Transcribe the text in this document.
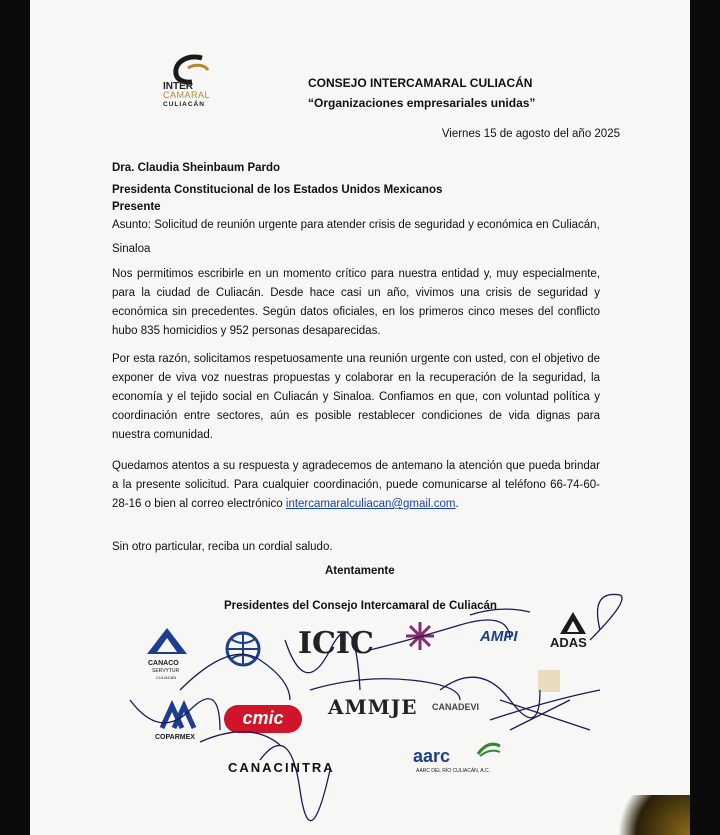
INTER
CAMARAL
CULIACÁN
CONSEJO INTERCAMARAL CULIACÁN
“Organizaciones empresariales unidas”
Viernes 15 de agosto del año 2025
Dra. Claudia Sheinbaum Pardo
Presidenta Constitucional de los Estados Unidos Mexicanos
Presente
Asunto: Solicitud de reunión urgente para atender crisis de seguridad y económica en Culiacán,
Sinaloa
Nos permitimos escribirle en un momento crítico para nuestra entidad y, muy especialmente, para la ciudad de Culiacán. Desde hace casi un año, vivimos una crisis de seguridad y económica sin precedentes. Según datos oficiales, en los primeros cinco meses del conflicto hubo 835 homicidios y 952 personas desaparecidas.
Por esta razón, solicitamos respetuosamente una reunión urgente con usted, con el objetivo de exponer de viva voz nuestras propuestas y colaborar en la recuperación de la seguridad, la economía y el tejido social en Culiacán y Sinaloa. Confiamos en que, con voluntad política y coordinación entre sectores, aún es posible restablecer condiciones de vida dignas para nuestra comunidad.
Quedamos atentos a su respuesta y agradecemos de antemano la atención que pueda brindar a la presente solicitud. Para cualquier coordinación, puede comunicarse al teléfono 66-74-60-28-16 o bien al correo electrónico intercamaralculiacan@gmail.com.
Sin otro particular, reciba un cordial saludo.
Atentamente
Presidentes del Consejo Intercamaral de Culiacán
CANACO
SERVYTUR
CULIACÁN
ICIC	AMPI	ADAS
COPARMEX
cmic	AMMJE CANADEVI
CANACINTRA
aarc
AARC DEL RÍO CULIACÁN, A.C.
